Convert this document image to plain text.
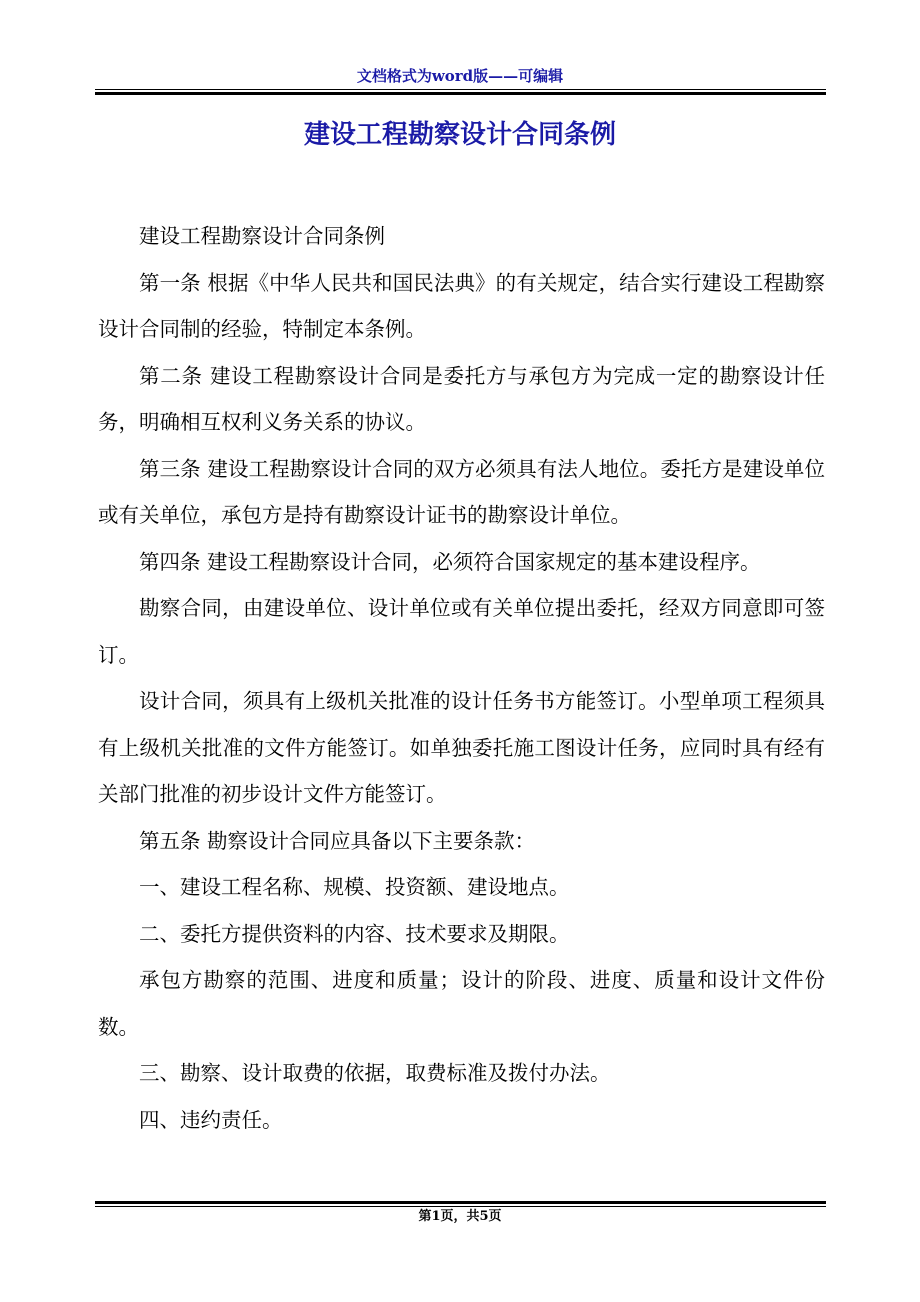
文档格式为word版——可编辑
建设工程勘察设计合同条例

建设工程勘察设计合同条例

第一条 根据《中华人民共和国民法典》的有关规定，结合实行建设工程勘察设计合同制的经验，特制定本条例。

第二条 建设工程勘察设计合同是委托方与承包方为完成一定的勘察设计任务，明确相互权利义务关系的协议。

第三条 建设工程勘察设计合同的双方必须具有法人地位。委托方是建设单位或有关单位，承包方是持有勘察设计证书的勘察设计单位。

第四条 建设工程勘察设计合同，必须符合国家规定的基本建设程序。

勘察合同，由建设单位、设计单位或有关单位提出委托，经双方同意即可签订。

设计合同，须具有上级机关批准的设计任务书方能签订。小型单项工程须具有上级机关批准的文件方能签订。如单独委托施工图设计任务，应同时具有经有关部门批准的初步设计文件方能签订。

第五条 勘察设计合同应具备以下主要条款：

一、建设工程名称、规模、投资额、建设地点。

二、委托方提供资料的内容、技术要求及期限。

承包方勘察的范围、进度和质量；设计的阶段、进度、质量和设计文件份数。

三、勘察、设计取费的依据，取费标准及拨付办法。

四、违约责任。

第1页，共5页
